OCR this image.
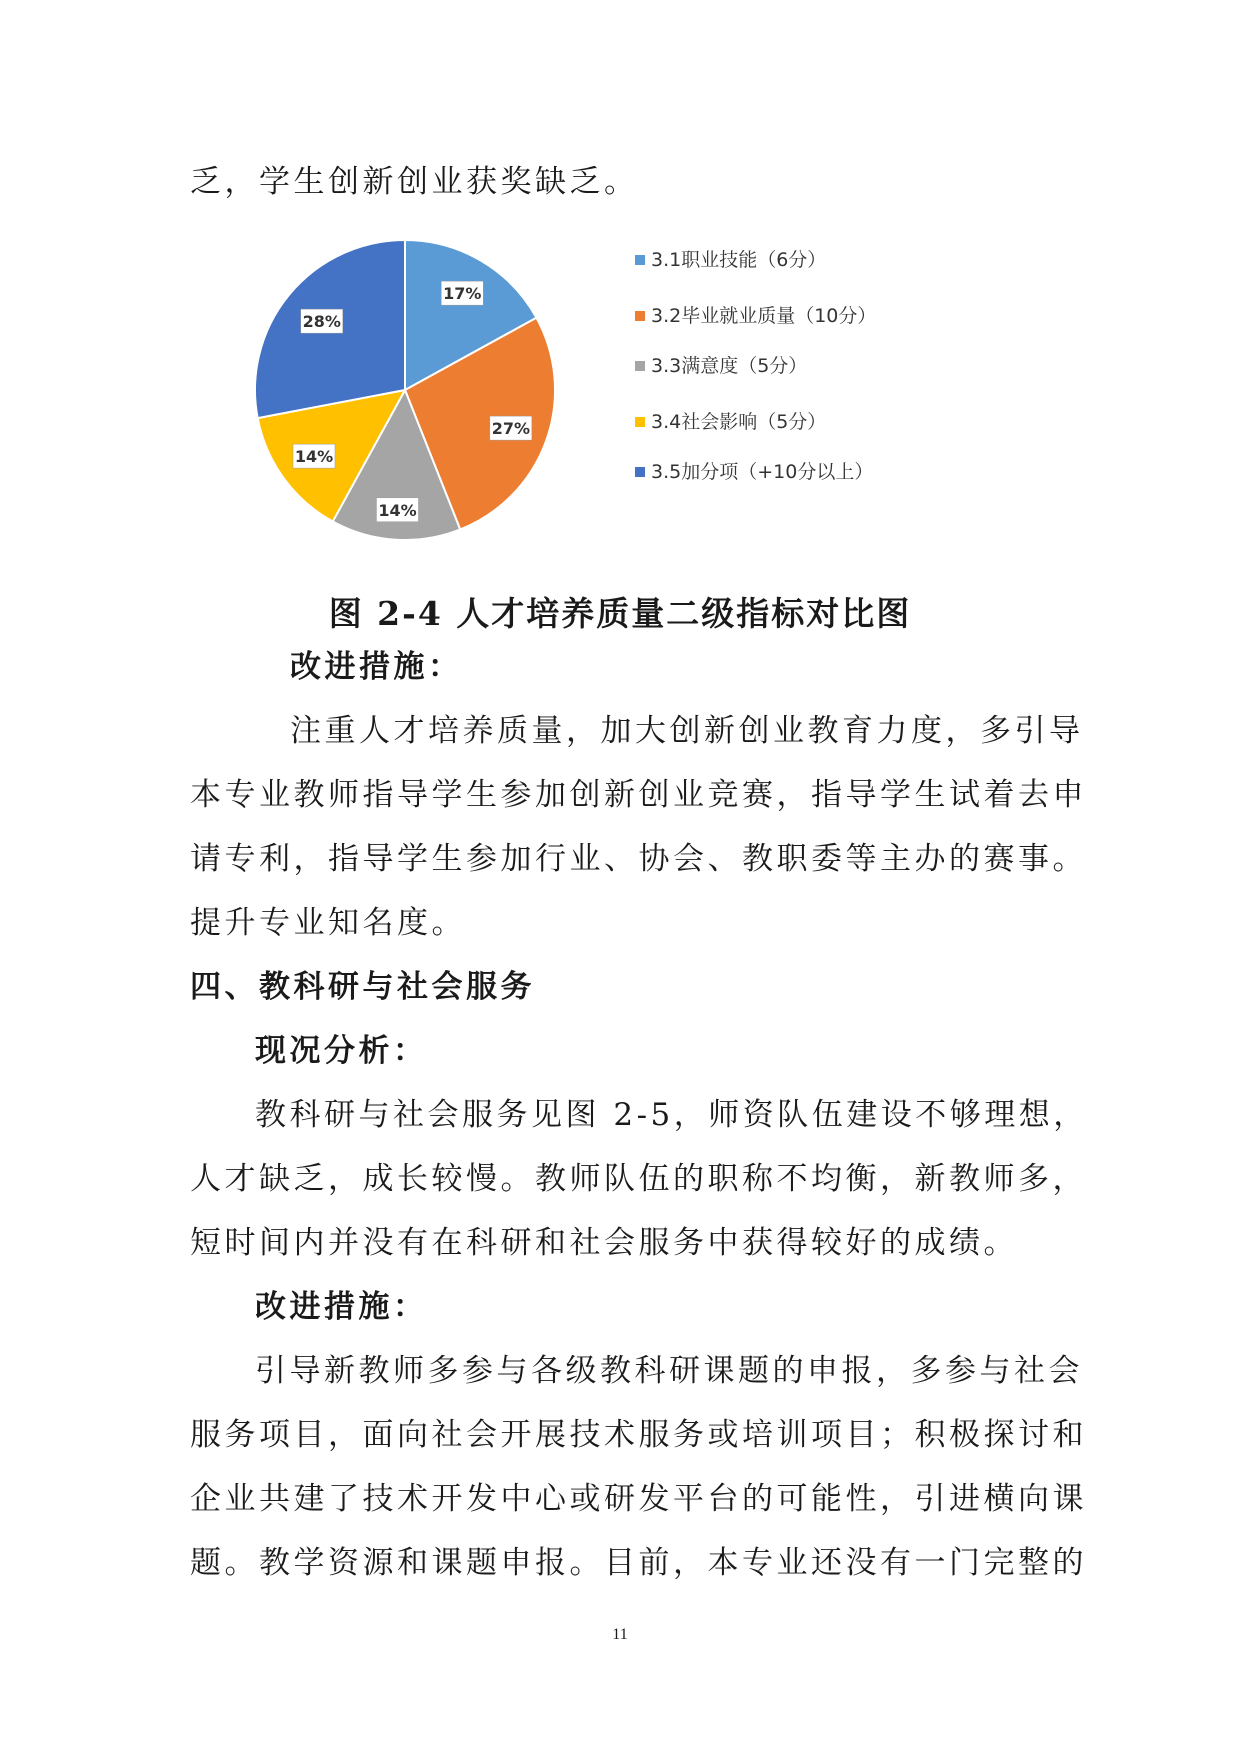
乏，学生创新创业获奖缺乏。
17%
27%
14%
14%
28%
3.1职业技能（6分）
3.2毕业就业质量（10分）
3.3满意度（5分）
3.4社会影响（5分）
3.5加分项（+10分以上）
图 2-4 人才培养质量二级指标对比图
改进措施：
注重人才培养质量，加大创新创业教育力度，多引导
本专业教师指导学生参加创新创业竞赛，指导学生试着去申
请专利，指导学生参加行业、协会、教职委等主办的赛事。
提升专业知名度。
四、教科研与社会服务
现况分析：
教科研与社会服务见图 2-5，师资队伍建设不够理想，
人才缺乏，成长较慢。教师队伍的职称不均衡，新教师多，
短时间内并没有在科研和社会服务中获得较好的成绩。
改进措施：
引导新教师多参与各级教科研课题的申报，多参与社会
服务项目，面向社会开展技术服务或培训项目；积极探讨和
企业共建了技术开发中心或研发平台的可能性，引进横向课
题。教学资源和课题申报。目前，本专业还没有一门完整的
11
